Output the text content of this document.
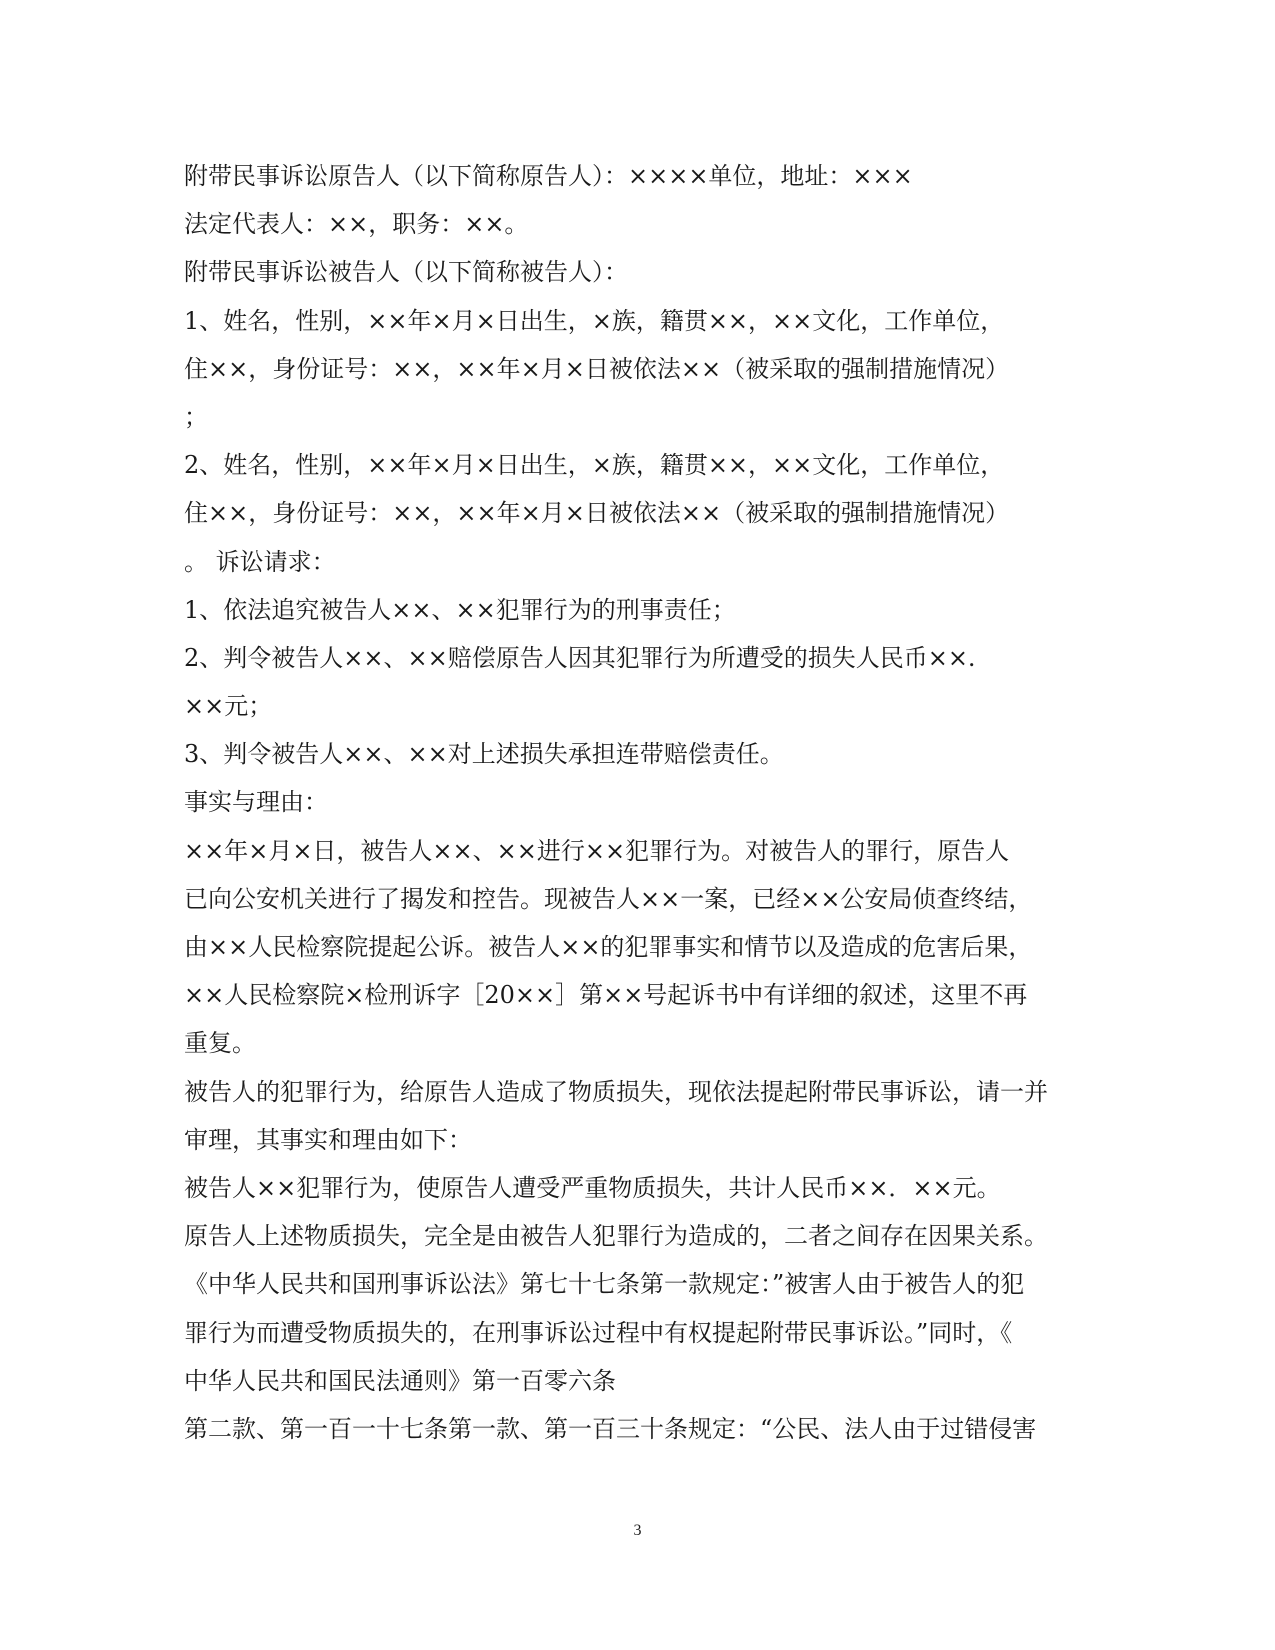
附带民事诉讼原告人（以下简称原告人）：××××单位，地址：×××
法定代表人：××，职务：××。
附带民事诉讼被告人（以下简称被告人）：
1、姓名，性别，××年×月×日出生，×族，籍贯××，××文化，工作单位，
住××，身份证号：××，××年×月×日被依法××（被采取的强制措施情况）
；
2、姓名，性别，××年×月×日出生，×族，籍贯××，××文化，工作单位，
住××，身份证号：××，××年×月×日被依法××（被采取的强制措施情况）
。 诉讼请求：
1、依法追究被告人××、××犯罪行为的刑事责任；
2、判令被告人××、××赔偿原告人因其犯罪行为所遭受的损失人民币××.
××元；
3、判令被告人××、××对上述损失承担连带赔偿责任。
事实与理由：
××年×月×日，被告人××、××进行××犯罪行为。对被告人的罪行，原告人
已向公安机关进行了揭发和控告。现被告人××一案，已经××公安局侦查终结，
由××人民检察院提起公诉。被告人××的犯罪事实和情节以及造成的危害后果，
××人民检察院×检刑诉字［20××］第××号起诉书中有详细的叙述，这里不再
重复。
被告人的犯罪行为，给原告人造成了物质损失，现依法提起附带民事诉讼，请一并
审理，其事实和理由如下：
被告人××犯罪行为，使原告人遭受严重物质损失，共计人民币××．××元。
原告人上述物质损失，完全是由被告人犯罪行为造成的，二者之间存在因果关系。
《中华人民共和国刑事诉讼法》第七十七条第一款规定：”被害人由于被告人的犯
罪行为而遭受物质损失的，在刑事诉讼过程中有权提起附带民事诉讼。”同时，《
中华人民共和国民法通则》第一百零六条
第二款、第一百一十七条第一款、第一百三十条规定：“公民、法人由于过错侵害
3
